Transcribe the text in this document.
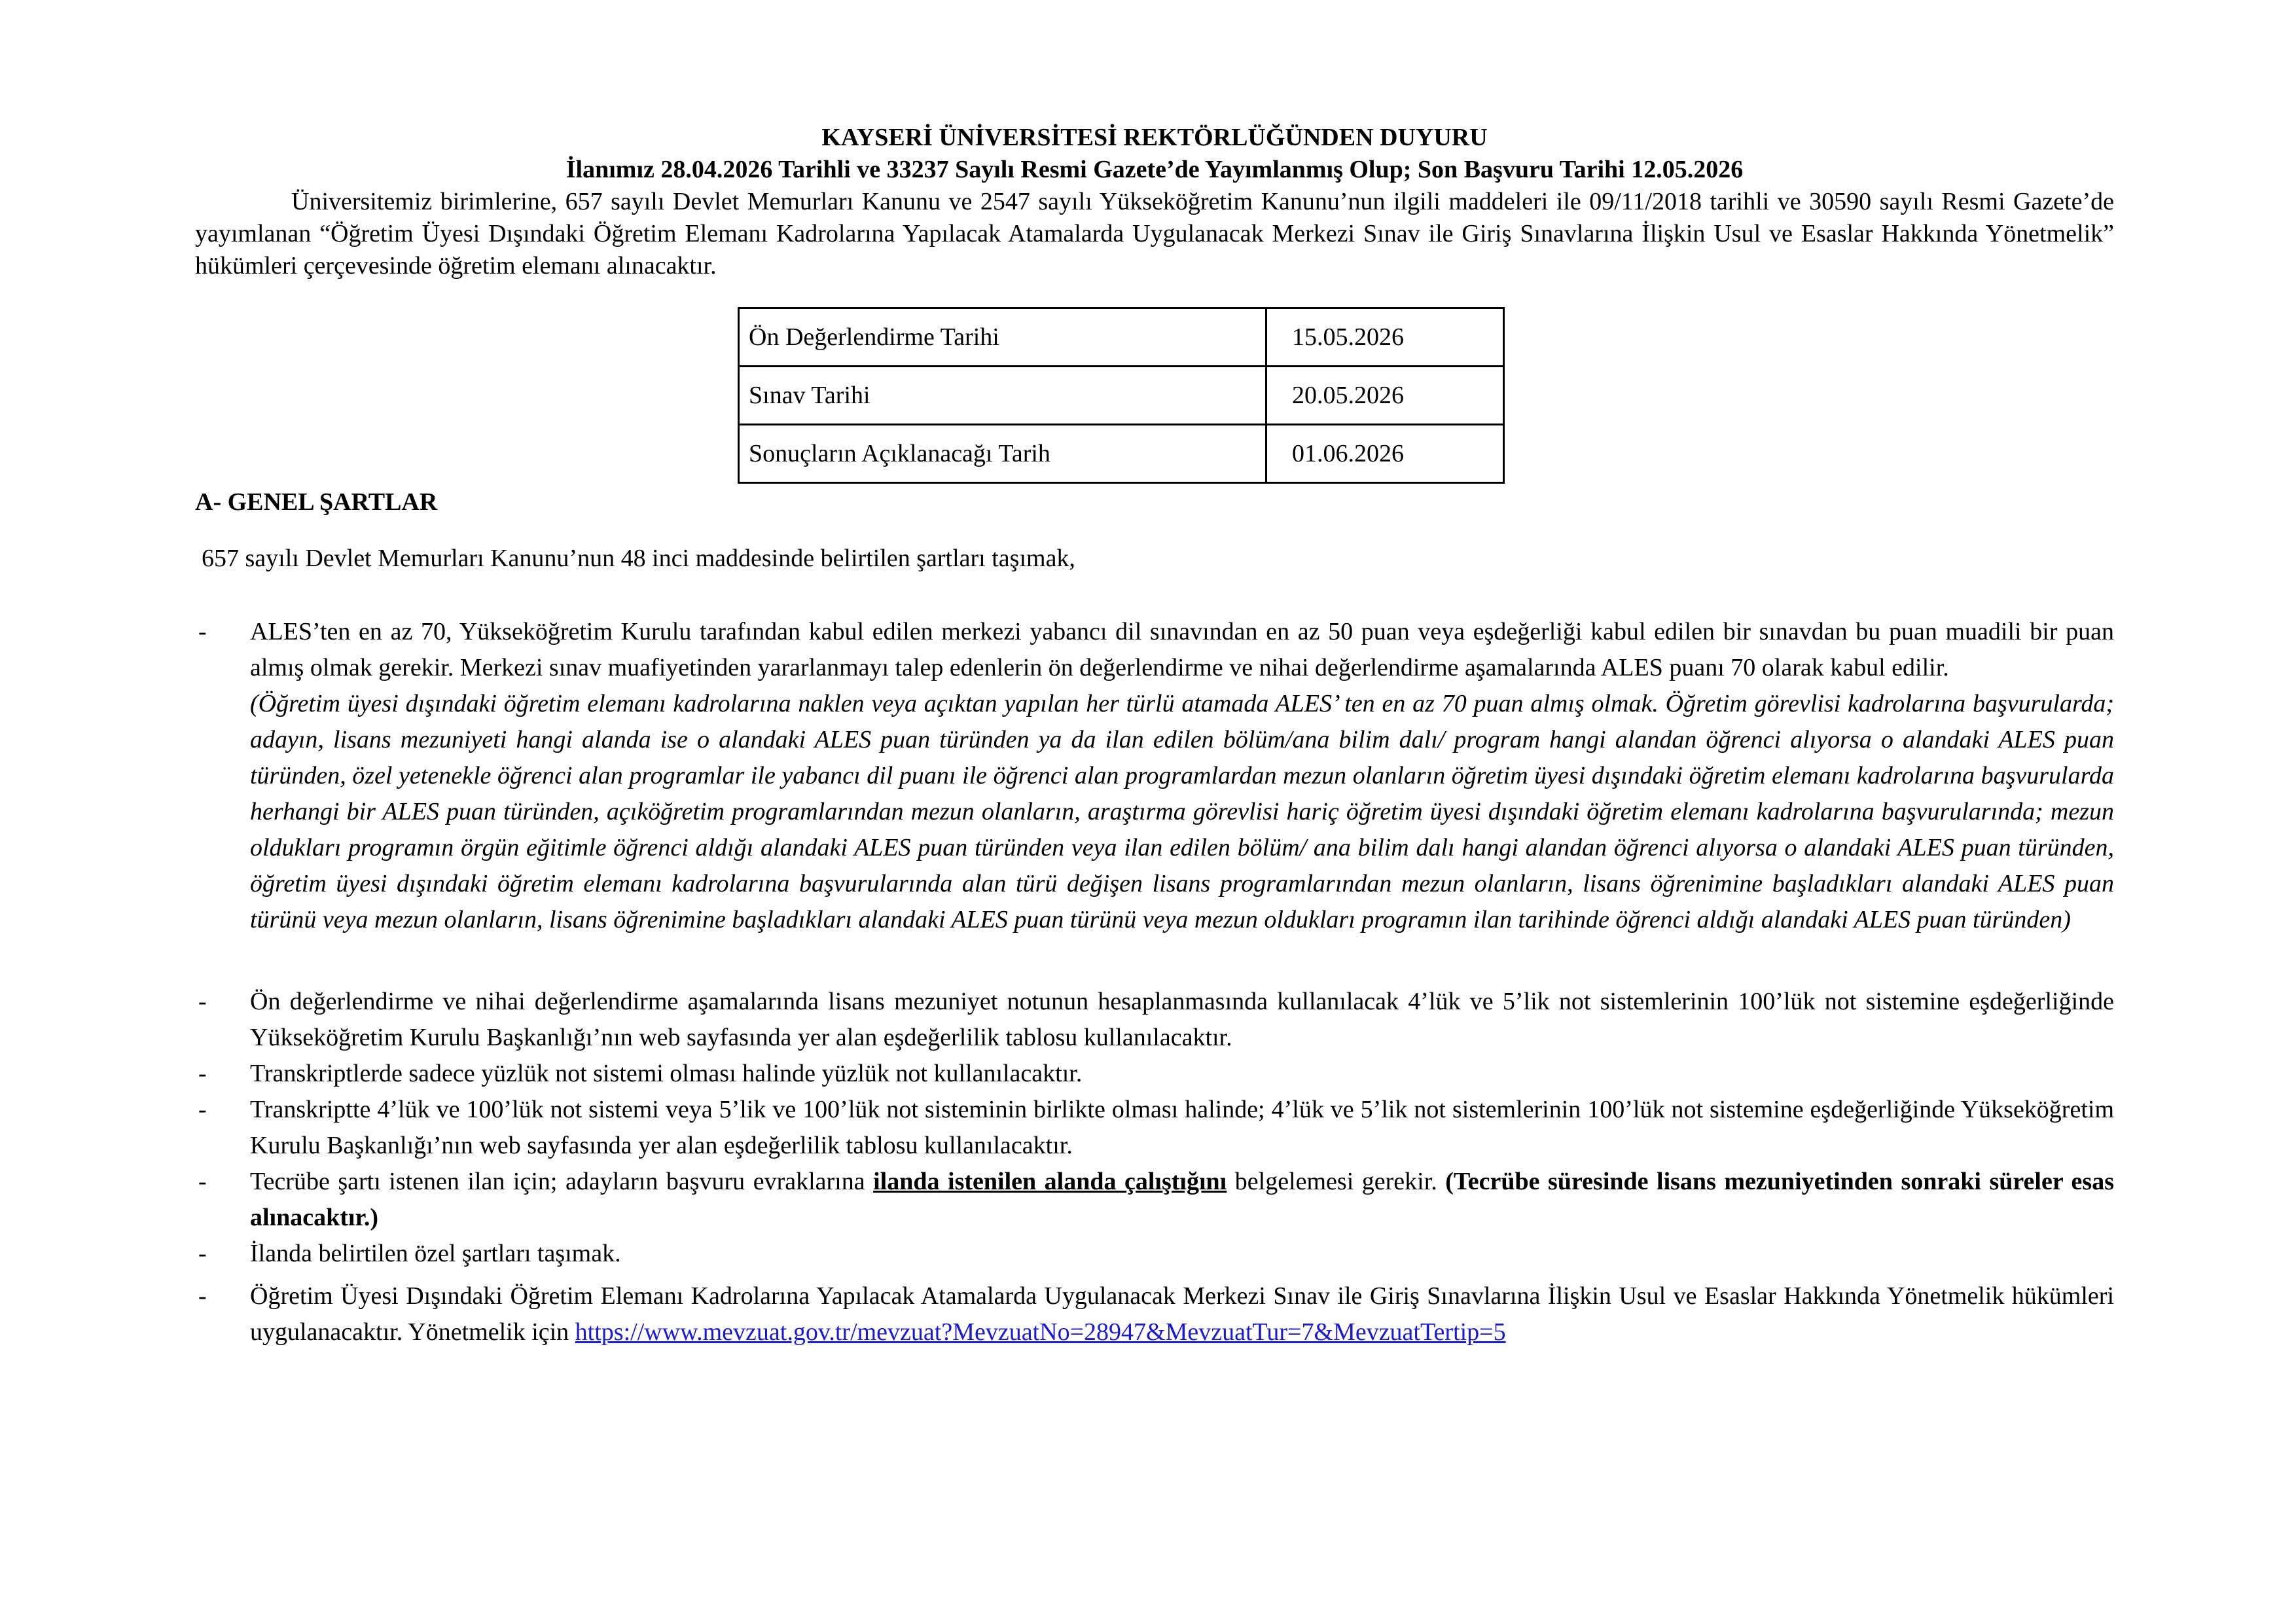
KAYSERİ ÜNİVERSİTESİ REKTÖRLÜĞÜNDEN DUYURU

İlanımız 28.04.2026 Tarihli ve 33237 Sayılı Resmi Gazete’de Yayımlanmış Olup; Son Başvuru Tarihi 12.05.2026

Üniversitemiz birimlerine, 657 sayılı Devlet Memurları Kanunu ve 2547 sayılı Yükseköğretim Kanunu’nun ilgili maddeleri ile 09/11/2018 tarihli ve 30590 sayılı Resmi Gazete’de yayımlanan “Öğretim Üyesi Dışındaki Öğretim Elemanı Kadrolarına Yapılacak Atamalarda Uygulanacak Merkezi Sınav ile Giriş Sınavlarına İlişkin Usul ve Esaslar Hakkında Yönetmelik” hükümleri çerçevesinde öğretim elemanı alınacaktır.

Ön Değerlendirme Tarihi	15.05.2026
Sınav Tarihi	20.05.2026
Sonuçların Açıklanacağı Tarih	01.06.2026

A- GENEL ŞARTLAR

657 sayılı Devlet Memurları Kanunu’nun 48 inci maddesinde belirtilen şartları taşımak,

- ALES’ten en az 70, Yükseköğretim Kurulu tarafından kabul edilen merkezi yabancı dil sınavından en az 50 puan veya eşdeğerliği kabul edilen bir sınavdan bu puan muadili bir puan almış olmak gerekir. Merkezi sınav muafiyetinden yararlanmayı talep edenlerin ön değerlendirme ve nihai değerlendirme aşamalarında ALES puanı 70 olarak kabul edilir.
(Öğretim üyesi dışındaki öğretim elemanı kadrolarına naklen veya açıktan yapılan her türlü atamada ALES’ ten en az 70 puan almış olmak. Öğretim görevlisi kadrolarına başvurularda; adayın, lisans mezuniyeti hangi alanda ise o alandaki ALES puan türünden ya da ilan edilen bölüm/ana bilim dalı/ program hangi alandan öğrenci alıyorsa o alandaki ALES puan türünden, özel yetenekle öğrenci alan programlar ile yabancı dil puanı ile öğrenci alan programlardan mezun olanların öğretim üyesi dışındaki öğretim elemanı kadrolarına başvurularda herhangi bir ALES puan türünden, açıköğretim programlarından mezun olanların, araştırma görevlisi hariç öğretim üyesi dışındaki öğretim elemanı kadrolarına başvurularında; mezun oldukları programın örgün eğitimle öğrenci aldığı alandaki ALES puan türünden veya ilan edilen bölüm/ ana bilim dalı hangi alandan öğrenci alıyorsa o alandaki ALES puan türünden, öğretim üyesi dışındaki öğretim elemanı kadrolarına başvurularında alan türü değişen lisans programlarından mezun olanların, lisans öğrenimine başladıkları alandaki ALES puan türünü veya mezun olanların, lisans öğrenimine başladıkları alandaki ALES puan türünü veya mezun oldukları programın ilan tarihinde öğrenci aldığı alandaki ALES puan türünden)
- Ön değerlendirme ve nihai değerlendirme aşamalarında lisans mezuniyet notunun hesaplanmasında kullanılacak 4’lük ve 5’lik not sistemlerinin 100’lük not sistemine eşdeğerliğinde Yükseköğretim Kurulu Başkanlığı’nın web sayfasında yer alan eşdeğerlilik tablosu kullanılacaktır.
- Transkriptlerde sadece yüzlük not sistemi olması halinde yüzlük not kullanılacaktır.
- Transkriptte 4’lük ve 100’lük not sistemi veya 5’lik ve 100’lük not sisteminin birlikte olması halinde; 4’lük ve 5’lik not sistemlerinin 100’lük not sistemine eşdeğerliğinde Yükseköğretim Kurulu Başkanlığı’nın web sayfasında yer alan eşdeğerlilik tablosu kullanılacaktır.
- Tecrübe şartı istenen ilan için; adayların başvuru evraklarına ilanda istenilen alanda çalıştığını belgelemesi gerekir. (Tecrübe süresinde lisans mezuniyetinden sonraki süreler esas alınacaktır.)
- İlanda belirtilen özel şartları taşımak.
- Öğretim Üyesi Dışındaki Öğretim Elemanı Kadrolarına Yapılacak Atamalarda Uygulanacak Merkezi Sınav ile Giriş Sınavlarına İlişkin Usul ve Esaslar Hakkında Yönetmelik hükümleri uygulanacaktır. Yönetmelik için https://www.mevzuat.gov.tr/mevzuat?MevzuatNo=28947&MevzuatTur=7&MevzuatTertip=5
